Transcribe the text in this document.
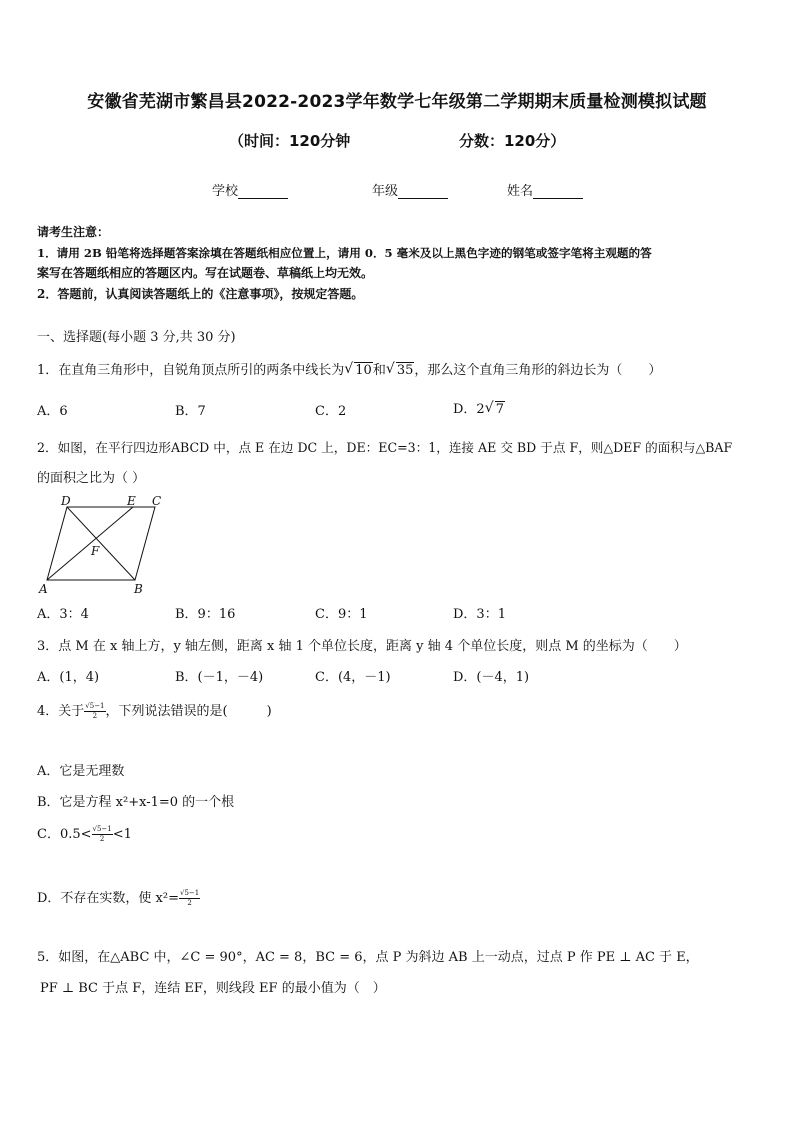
安徽省芜湖市繁昌县2022-2023学年数学七年级第二学期期末质量检测模拟试题
（时间：120分钟	分数：120分）
学校	年级	姓名
请考生注意：
1．请用 2B 铅笔将选择题答案涂填在答题纸相应位置上，请用 0．5 毫米及以上黑色字迹的钢笔或签字笔将主观题的答
案写在答题纸相应的答题区内。写在试题卷、草稿纸上均无效。
2．答题前，认真阅读答题纸上的《注意事项》，按规定答题。
一、选择题(每小题 3 分,共 30 分)
1．在直角三角形中，自锐角顶点所引的两条中线长为 √ 10和 √ 35，那么这个直角三角形的斜边长为（　　）
A．6	B．7	C．2	D．2 √ 7
2．如图，在平行四边形ABCD 中，点 E 在边 DC 上，DE：EC=3：1，连接 AE 交 BD 于点 F，则△DEF 的面积与△BAF
的面积之比为（ ）
D	E C
F
A	B
A．3：4	B．9：16	C．9：1	D．3：1
3．点 M 在 x 轴上方，y 轴左侧，距离 x 轴 1 个单位长度，距离 y 轴 4 个单位长度，则点 M 的坐标为（　　）
A．(1，4)	B．(－1，－4)	C．(4，－1)	D．(－4，1)
4．关于 $\frac{√5-1}{2}$ ，下列说法错误的是(　　　)
A．它是无理数
B．它是方程 x²+x-1=0 的一个根
C．$0.5< \frac{√5-1}{2} <1$
D．不存在实数，使 $x^2= \frac{√5-1}{2}$
5．如图，在△ABC 中，∠C = 90°，AC = 8，BC = 6，点 P 为斜边 AB 上一动点，过点 P 作 PE ⊥ AC 于 E，
PF ⊥ BC 于点 F，连结 EF，则线段 EF 的最小值为（　）
